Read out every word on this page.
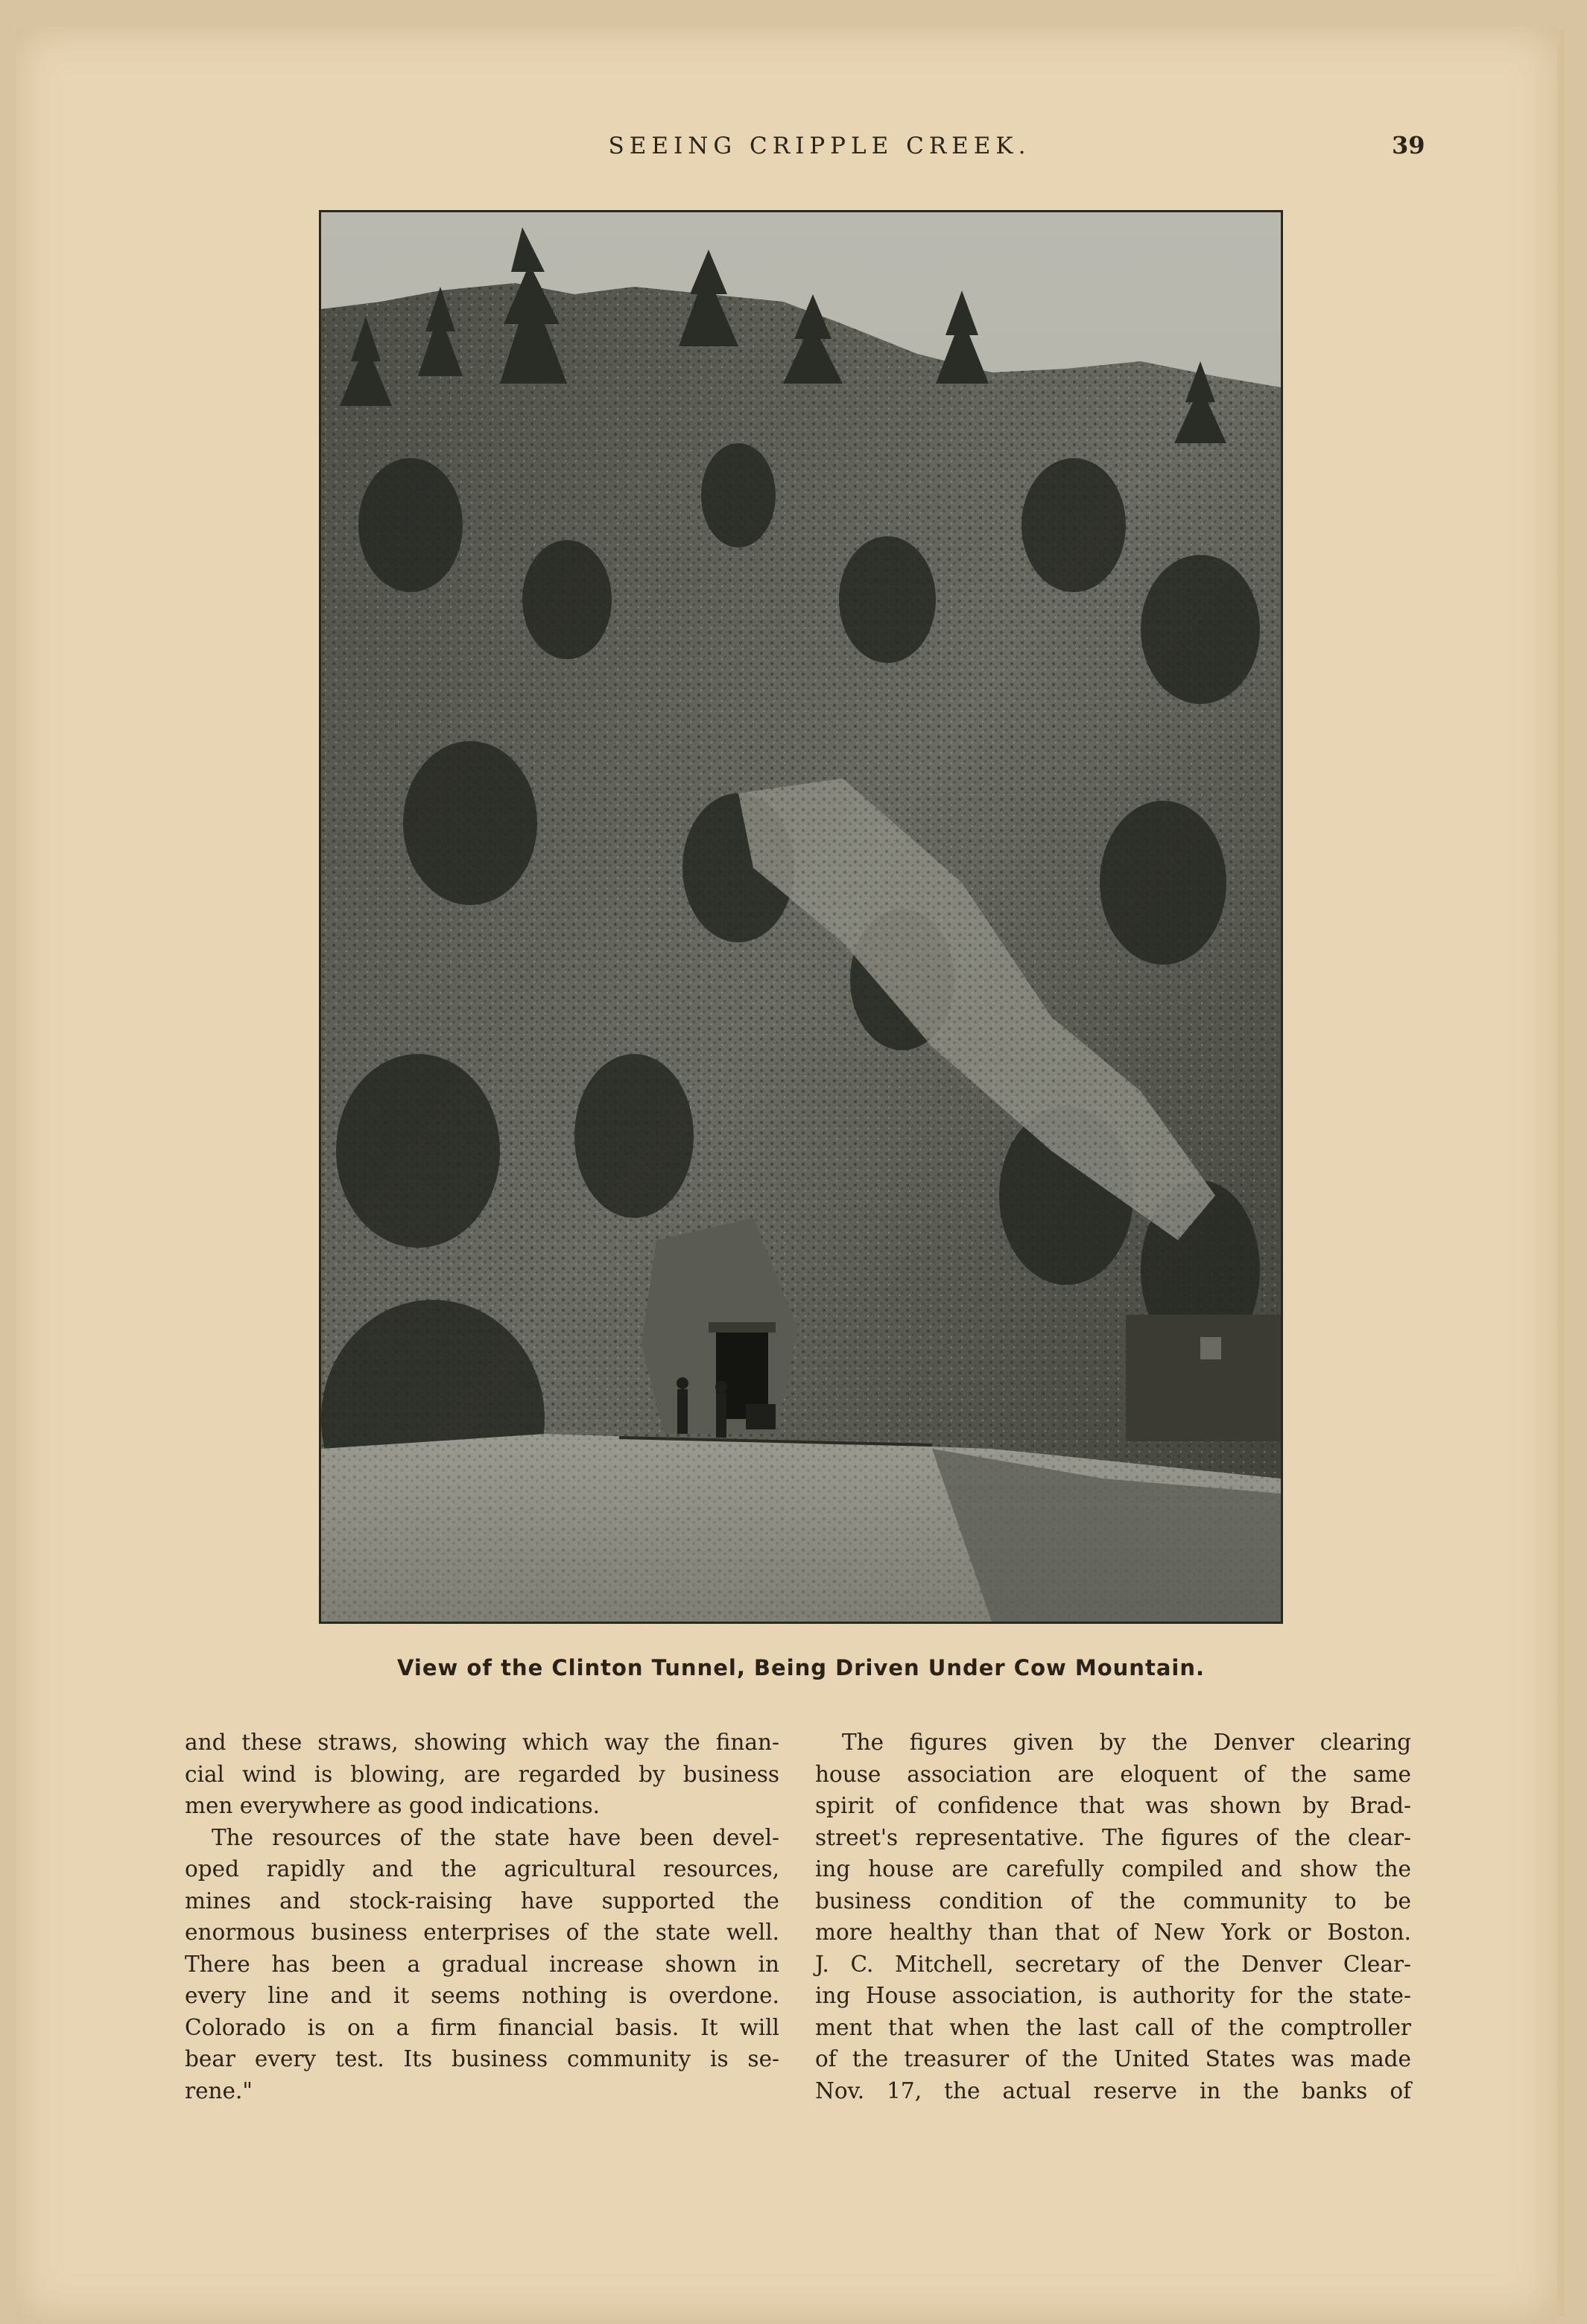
SEEING CRIPPLE CREEK.	39
View of the Clinton Tunnel, Being Driven Under Cow Mountain.
and these straws, showing which way the finan-
cial wind is blowing, are regarded by business
men everywhere as good indications.
The resources of the state have been devel-
oped rapidly and the agricultural resources,
mines and stock-raising have supported the
enormous business enterprises of the state well.
There has been a gradual increase shown in
every line and it seems nothing is overdone.
Colorado is on a firm financial basis. It will
bear every test. Its business community is se-
rene."
The figures given by the Denver clearing
house association are eloquent of the same
spirit of confidence that was shown by Brad-
street's representative. The figures of the clear-
ing house are carefully compiled and show the
business condition of the community to be
more healthy than that of New York or Boston.
J. C. Mitchell, secretary of the Denver Clear-
ing House association, is authority for the state-
ment that when the last call of the comptroller
of the treasurer of the United States was made
Nov. 17, the actual reserve in the banks of
